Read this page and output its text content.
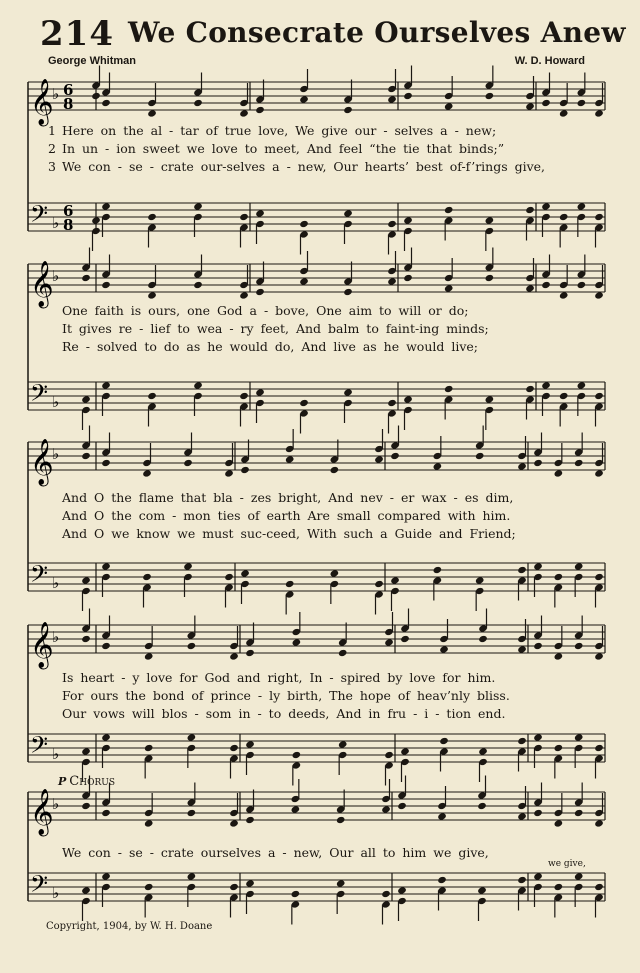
214 We Consecrate Ourselves Anew
George Whitman	W. D. Howard
𝄞
♭ 6
8
𝄢 ♭
6
8
𝄞
♭
𝄢 ♭
𝄞
♭
𝄢 ♭
𝄞
♭
𝄢 ♭
𝄞
♭
𝄢 ♭
p Chorus
we give,
Copyright, 1904, by W. H. Doane
1 Here on the al - tar of true love, We give our - selves a - new;
2 In un - ion sweet we love to meet, And feel “the tie that binds;”
3 We con - se - crate our-selves a - new, Our hearts’ best of-f’rings give,
One faith is ours, one God a - bove, One aim to will or do;
It gives re - lief to wea - ry feet, And balm to faint-ing minds;
Re - solved to do as he would do, And live as he would live;
And O the flame that bla - zes bright, And nev - er wax - es dim,
And O the com - mon ties of earth Are small compared with him.
And O we know we must suc-ceed, With such a Guide and Friend;
Is heart - y love for God and right, In - spired by love for him.
For ours the bond of prince - ly birth, The hope of heav’nly bliss.
Our vows will blos - som in - to deeds, And in fru - i - tion end.
We con - se - crate ourselves a - new, Our all to him we give,
